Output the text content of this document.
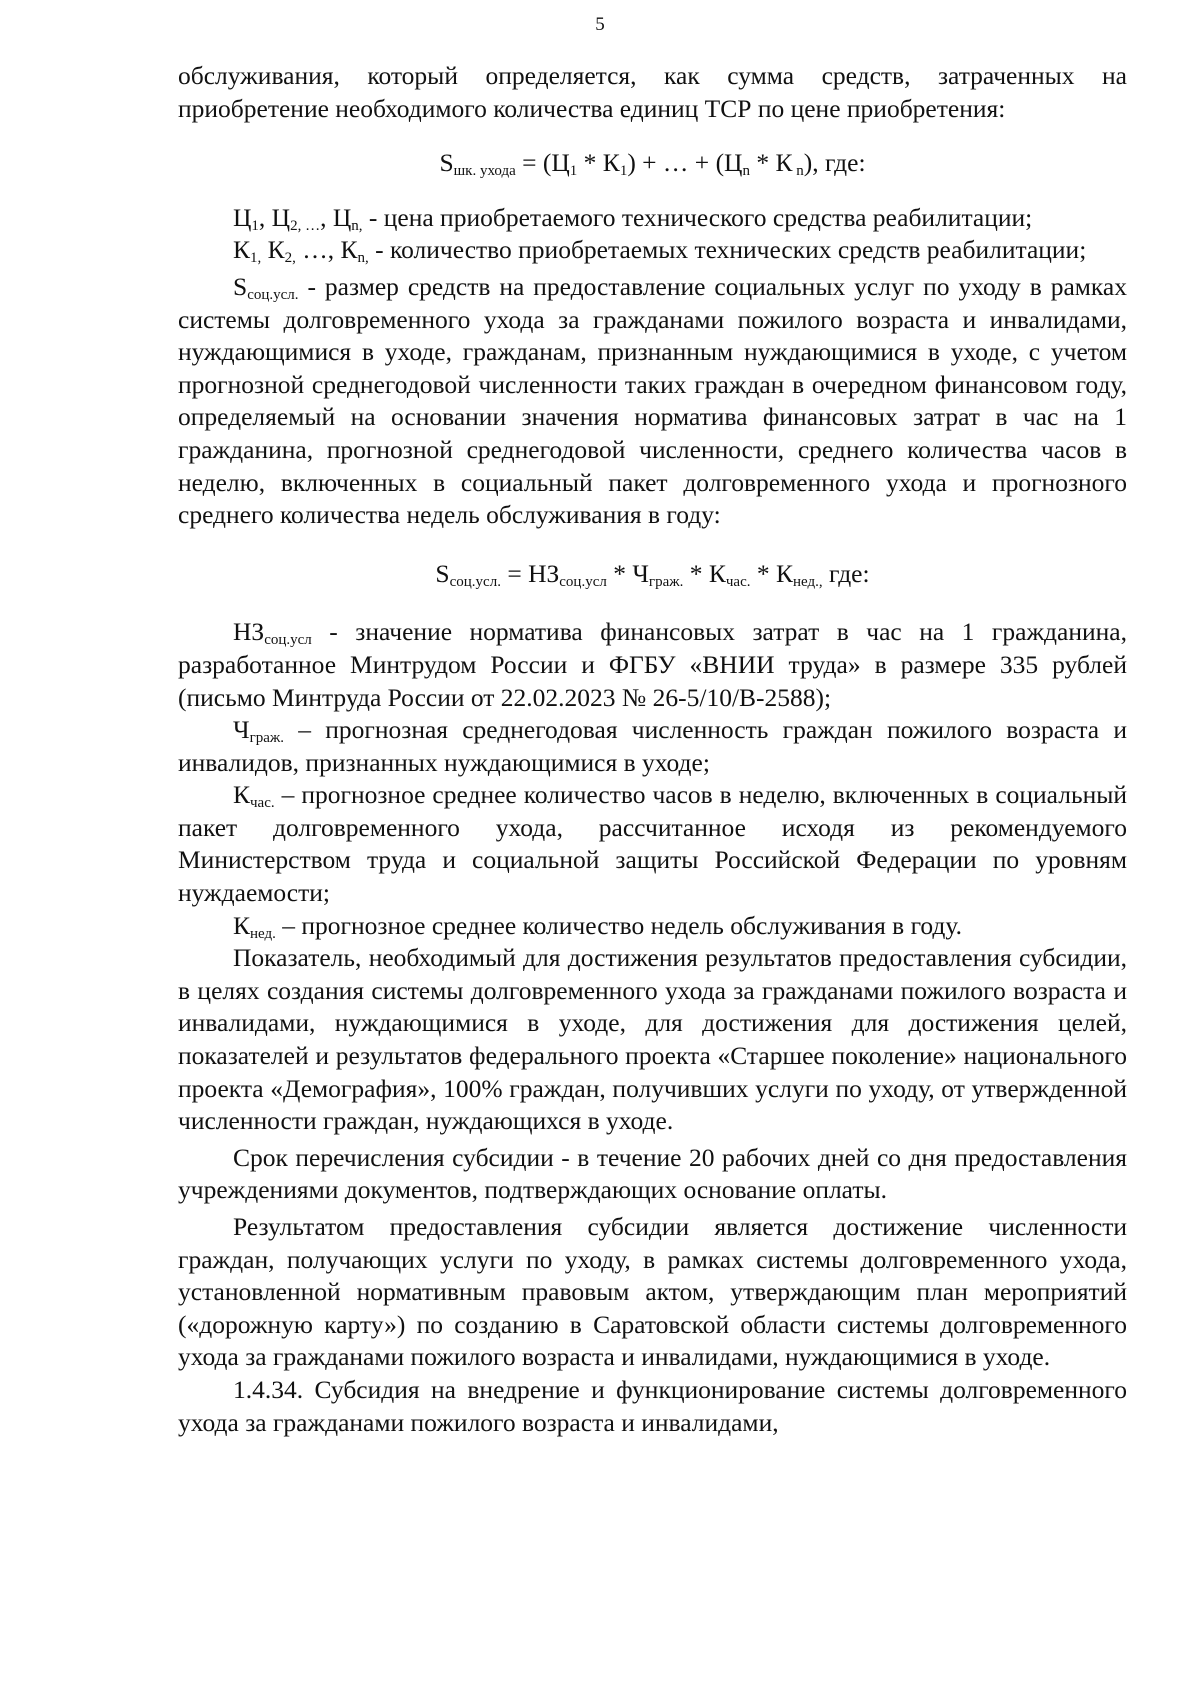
5

обслуживания, который определяется, как сумма средств, затраченных на приобретение необходимого количества единиц ТСР по цене приобретения:

$S_{шк. ухода} = (Ц_1 * К_1)$ + … + ($Ц_n$ * К $_n$), где:

$Ц_1$, $Ц_{2, \dots}$, $Ц_{n,}$ - цена приобретаемого технического средства реабилитации;

$К_{1,}$ $К_{2,}$ …, $К_{n,}$ - количество приобретаемых технических средств реабилитации;

$S_{соц.усл.}$ - размер средств на предоставление социальных услуг по уходу в рамках системы долговременного ухода за гражданами пожилого возраста и инвалидами, нуждающимися в уходе, гражданам, признанным нуждающимися в уходе, с учетом прогнозной среднегодовой численности таких граждан в очередном финансовом году, определяемый на основании значения норматива финансовых затрат в час на 1 гражданина, прогнозной среднегодовой численности, среднего количества часов в неделю, включенных в социальный пакет долговременного ухода и прогнозного среднего количества недель обслуживания в году:

$S_{соц.усл.} = НЗ_{соц.усл} * Ч_{граж.} * К_{час.} * К_{нед.,}$ где:

$НЗ_{соц.усл}$ - значение норматива финансовых затрат в час на 1 гражданина, разработанное Минтрудом России и ФГБУ «ВНИИ труда» в размере 335 рублей (письмо Минтруда России от 22.02.2023 № 26-5/10/В-2588);

$Ч_{граж.}$ – прогнозная среднегодовая численность граждан пожилого возраста и инвалидов, признанных нуждающимися в уходе;

$К_{час.}$ – прогнозное среднее количество часов в неделю, включенных в социальный пакет долговременного ухода, рассчитанное исходя из рекомендуемого Министерством труда и социальной защиты Российской Федерации по уровням нуждаемости;

$К_{нед.}$ – прогнозное среднее количество недель обслуживания в году.

Показатель, необходимый для достижения результатов предоставления субсидии, в целях создания системы долговременного ухода за гражданами пожилого возраста и инвалидами, нуждающимися в уходе, для достижения для достижения целей, показателей и результатов федерального проекта «Старшее поколение» национального проекта «Демография», 100% граждан, получивших услуги по уходу, от утвержденной численности граждан, нуждающихся в уходе.

Срок перечисления субсидии - в течение 20 рабочих дней со дня предоставления учреждениями документов, подтверждающих основание оплаты.

Результатом предоставления субсидии является достижение численности граждан, получающих услуги по уходу, в рамках системы долговременного ухода, установленной нормативным правовым актом, утверждающим план мероприятий («дорожную карту») по созданию в Саратовской области системы долговременного ухода за гражданами пожилого возраста и инвалидами, нуждающимися в уходе.

1.4.34. Субсидия на внедрение и функционирование системы долговременного ухода за гражданами пожилого возраста и инвалидами,
